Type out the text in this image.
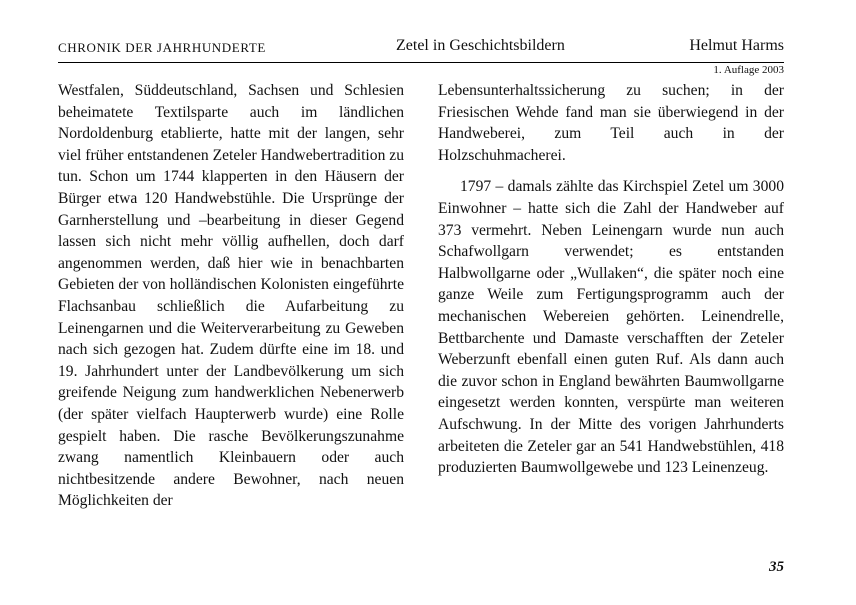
CHRONIK DER JAHRHUNDERTE	Zetel in Geschichtsbildern	Helmut Harms
1. Auflage 2003

Westfalen, Süddeutschland, Sachsen und Schlesien beheimatete Textilsparte auch im ländlichen Nordoldenburg etablierte, hatte mit der langen, sehr viel früher entstandenen Zeteler Handwebertradition zu tun. Schon um 1744 klapperten in den Häusern der Bürger etwa 120 Handwebstühle. Die Ursprünge der Garnherstellung und –bearbeitung in dieser Gegend lassen sich nicht mehr völlig aufhellen, doch darf angenommen werden, daß hier wie in benachbarten Gebieten der von holländischen Kolonisten eingeführte Flachsanbau schließlich die Aufarbeitung zu Leinengarnen und die Weiterverarbeitung zu Geweben nach sich gezogen hat. Zudem dürfte eine im 18. und 19. Jahrhundert unter der Landbevölkerung um sich greifende Neigung zum handwerklichen Nebenerwerb (der später vielfach Haupterwerb wurde) eine Rolle gespielt haben. Die rasche Bevölkerungszunahme zwang namentlich Kleinbauern oder auch nichtbesitzende andere Bewohner, nach neuen Möglichkeiten der

Lebensunterhaltssicherung zu suchen; in der Friesischen Wehde fand man sie überwiegend in der Handweberei, zum Teil auch in der Holzschuhmacherei.

1797 – damals zählte das Kirchspiel Zetel um 3000 Einwohner – hatte sich die Zahl der Handweber auf 373 vermehrt. Neben Leinengarn wurde nun auch Schafwollgarn verwendet; es entstanden Halbwollgarne oder „Wullaken“, die später noch eine ganze Weile zum Fertigungsprogramm auch der mechanischen Webereien gehörten. Leinendrelle, Bettbarchente und Damaste verschafften der Zeteler Weberzunft ebenfall einen guten Ruf. Als dann auch die zuvor schon in England bewährten Baumwollgarne eingesetzt werden konnten, verspürte man weiteren Aufschwung. In der Mitte des vorigen Jahrhunderts arbeiteten die Zeteler gar an 541 Handwebstühlen, 418 produzierten Baumwollgewebe und 123 Leinenzeug.

35
